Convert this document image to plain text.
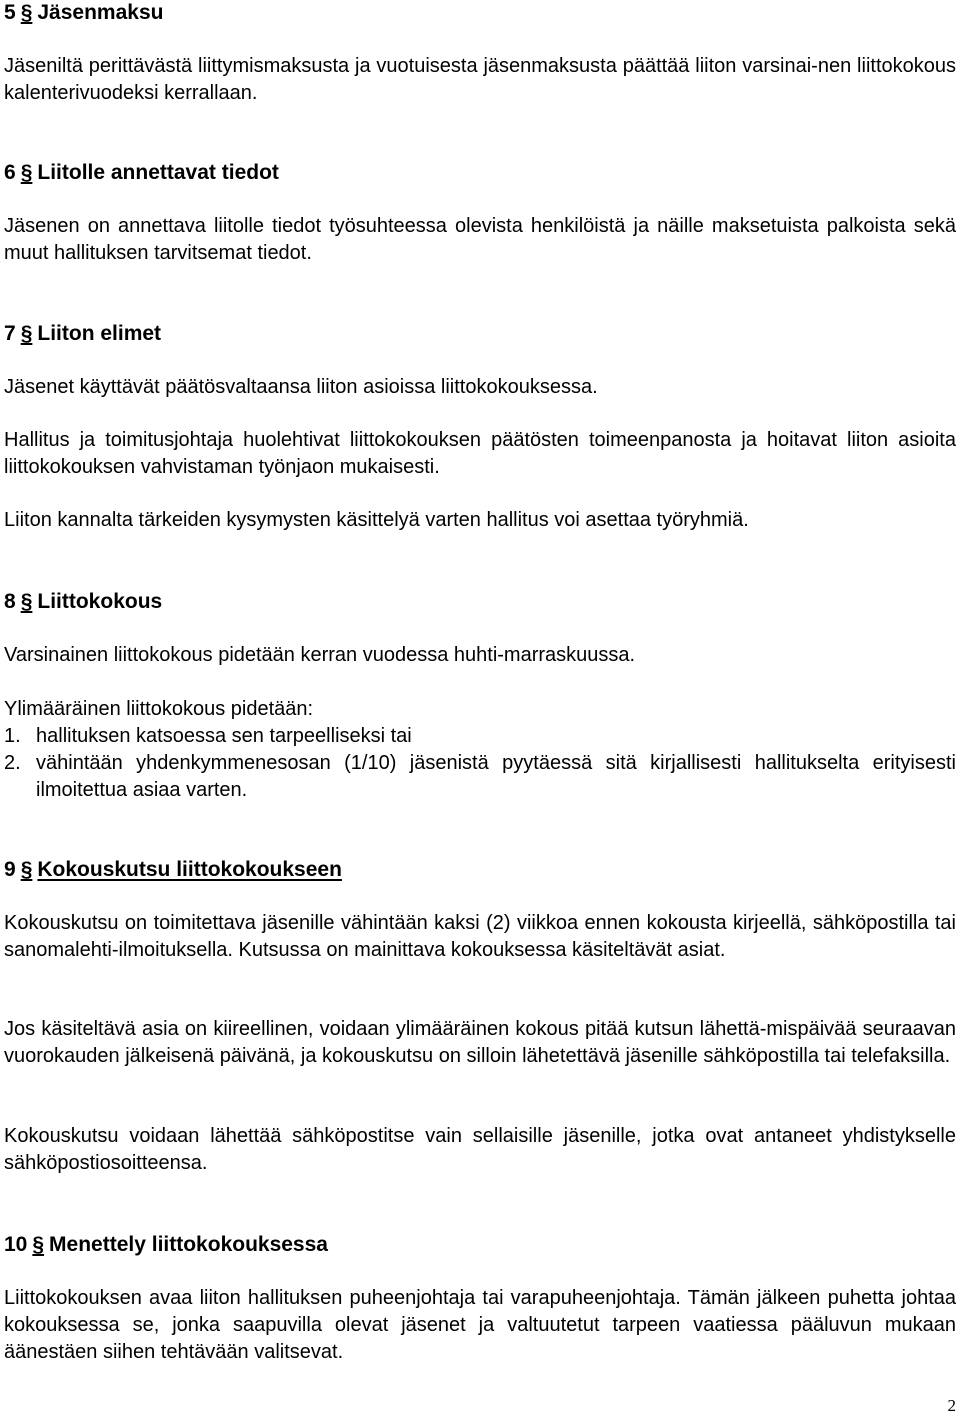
5 § Jäsenmaksu

Jäseniltä perittävästä liittymismaksusta ja vuotuisesta jäsenmaksusta päättää liiton varsinai-nen liittokokous kalenterivuodeksi kerrallaan.

6 § Liitolle annettavat tiedot

Jäsenen on annettava liitolle tiedot työsuhteessa olevista henkilöistä ja näille maksetuista palkoista sekä muut hallituksen tarvitsemat tiedot.

7 § Liiton elimet

Jäsenet käyttävät päätösvaltaansa liiton asioissa liittokokouksessa.

Hallitus ja toimitusjohtaja huolehtivat liittokokouksen päätösten toimeenpanosta ja hoitavat liiton asioita liittokokouksen vahvistaman työnjaon mukaisesti.

Liiton kannalta tärkeiden kysymysten käsittelyä varten hallitus voi asettaa työryhmiä.

8 § Liittokokous

Varsinainen liittokokous pidetään kerran vuodessa huhti-marraskuussa.

Ylimääräinen liittokokous pidetään:

1. hallituksen katsoessa sen tarpeelliseksi tai
2. vähintään yhdenkymmenesosan (1/10) jäsenistä pyytäessä sitä kirjallisesti hallitukselta erityisesti ilmoitettua asiaa varten.
9 § Kokouskutsu liittokokoukseen

Kokouskutsu on toimitettava jäsenille vähintään kaksi (2) viikkoa ennen kokousta kirjeellä, sähköpostilla tai sanomalehti-ilmoituksella. Kutsussa on mainittava kokouksessa käsiteltävät asiat.

Jos käsiteltävä asia on kiireellinen, voidaan ylimääräinen kokous pitää kutsun lähettä-mispäivää seuraavan vuorokauden jälkeisenä päivänä, ja kokouskutsu on silloin lähetettävä jäsenille sähköpostilla tai telefaksilla.

Kokouskutsu voidaan lähettää sähköpostitse vain sellaisille jäsenille, jotka ovat antaneet yhdistykselle sähköpostiosoitteensa.

10 § Menettely liittokokouksessa

Liittokokouksen avaa liiton hallituksen puheenjohtaja tai varapuheenjohtaja. Tämän jälkeen puhetta johtaa kokouksessa se, jonka saapuvilla olevat jäsenet ja valtuutetut tarpeen vaatiessa pääluvun mukaan äänestäen siihen tehtävään valitsevat.

2
